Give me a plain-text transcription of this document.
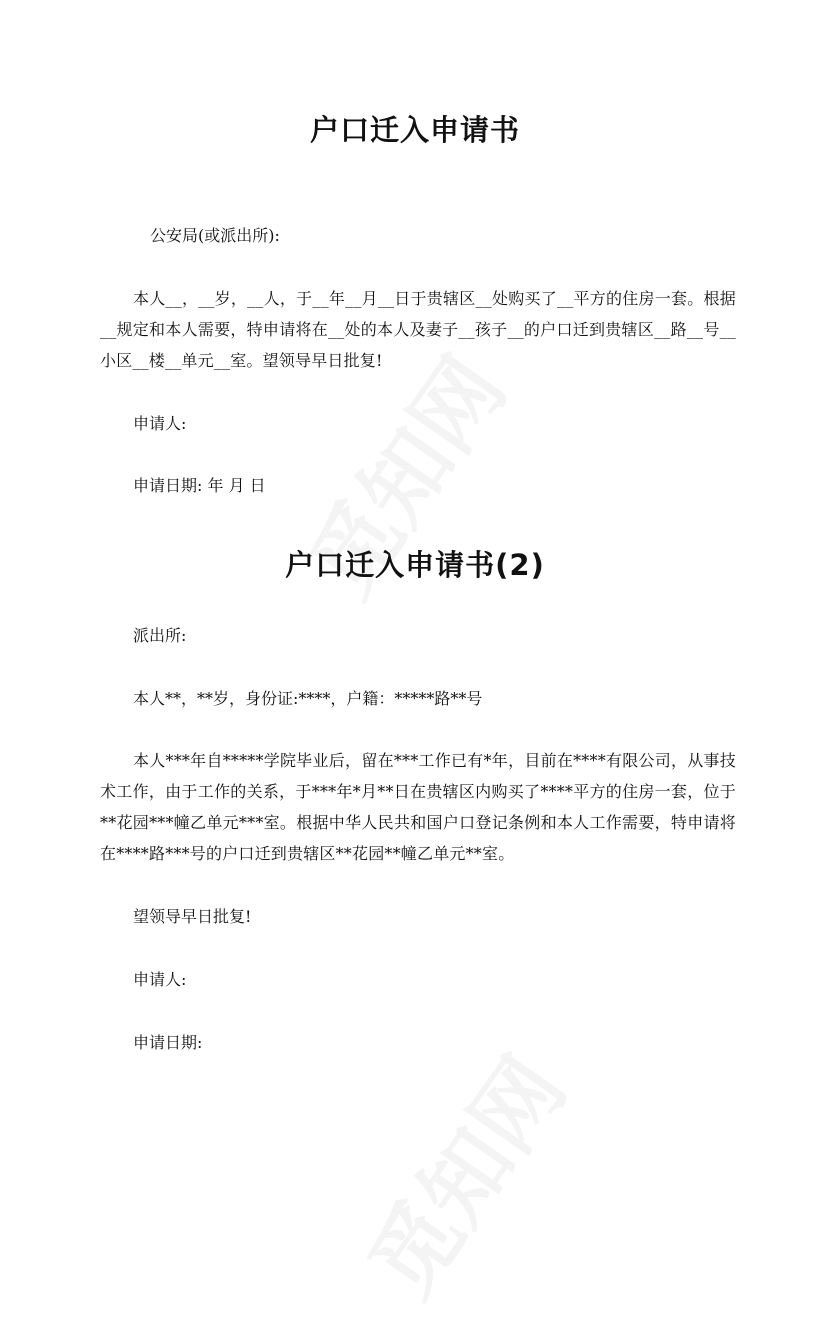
户口迁入申请书
公安局(或派出所):
本人__，__岁，__人，于__年__月__日于贵辖区__处购买了__平方的住房一套。根据__规定和本人需要，特申请将在__处的本人及妻子__孩子__的户口迁到贵辖区__路__号__小区__楼__单元__室。望领导早日批复!
申请人:
申请日期: 年 月 日
户口迁入申请书(2)
派出所:
本人**，**岁，身份证:****，户籍：*****路**号
本人***年自*****学院毕业后，留在***工作已有*年，目前在****有限公司，从事技术工作，由于工作的关系，于***年*月**日在贵辖区内购买了****平方的住房一套，位于**花园***幢乙单元***室。根据中华人民共和国户口登记条例和本人工作需要，特申请将在****路***号的户口迁到贵辖区**花园**幢乙单元**室。
望领导早日批复!
申请人:
申请日期:
